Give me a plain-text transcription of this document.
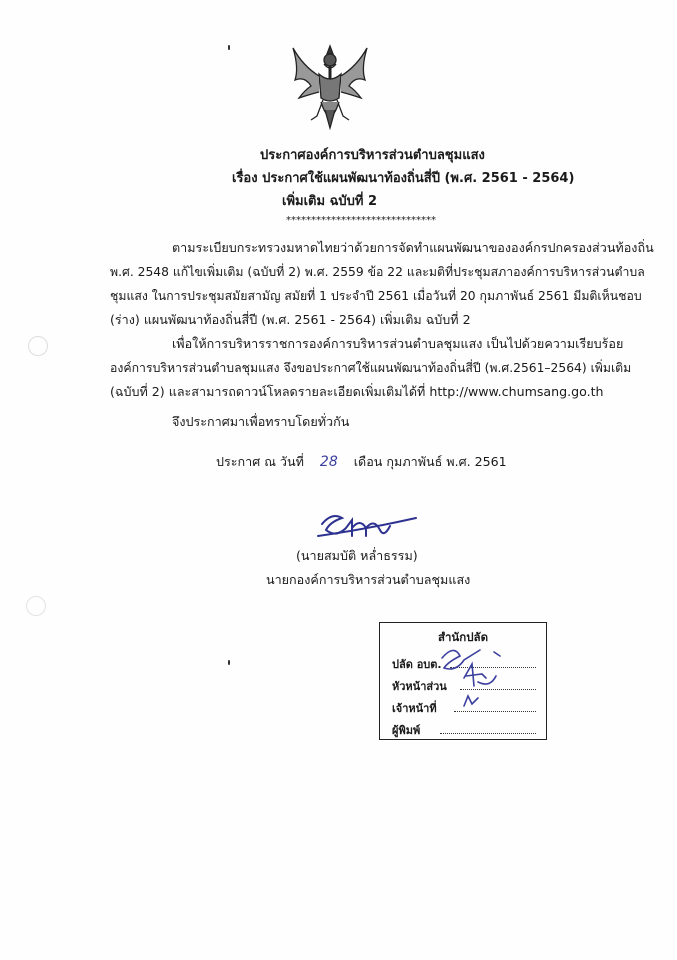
ประกาศองค์การบริหารส่วนตำบลชุมแสง
เรื่อง ประกาศใช้แผนพัฒนาท้องถิ่นสี่ปี (พ.ศ. 2561 - 2564)
เพิ่มเติม ฉบับที่ 2
******************************
ตามระเบียบกระทรวงมหาดไทยว่าด้วยการจัดทำแผนพัฒนาขององค์กรปกครองส่วนท้องถิ่น
พ.ศ. 2548 แก้ไขเพิ่มเติม (ฉบับที่ 2) พ.ศ. 2559 ข้อ 22 และมติที่ประชุมสภาองค์การบริหารส่วนตำบล
ชุมแสง ในการประชุมสมัยสามัญ สมัยที่ 1 ประจำปี 2561 เมื่อวันที่ 20 กุมภาพันธ์ 2561 มีมติเห็นชอบ
(ร่าง) แผนพัฒนาท้องถิ่นสี่ปี (พ.ศ. 2561 - 2564) เพิ่มเติม ฉบับที่ 2
เพื่อให้การบริหารราชการองค์การบริหารส่วนตำบลชุมแสง เป็นไปด้วยความเรียบร้อย
องค์การบริหารส่วนตำบลชุมแสง จึงขอประกาศใช้แผนพัฒนาท้องถิ่นสี่ปี (พ.ศ.2561–2564) เพิ่มเติม
(ฉบับที่ 2) และสามารถดาวน์โหลดรายละเอียดเพิ่มเติมได้ที่ http://www.chumsang.go.th
จึงประกาศมาเพื่อทราบโดยทั่วกัน
ประกาศ ณ วันที่ 28 เดือน กุมภาพันธ์ พ.ศ. 2561
(นายสมบัติ หล่ำธรรม)
นายกองค์การบริหารส่วนตำบลชุมแสง
สำนักปลัด
ปลัด อบต.
หัวหน้าส่วน
เจ้าหน้าที่
ผู้พิมพ์
